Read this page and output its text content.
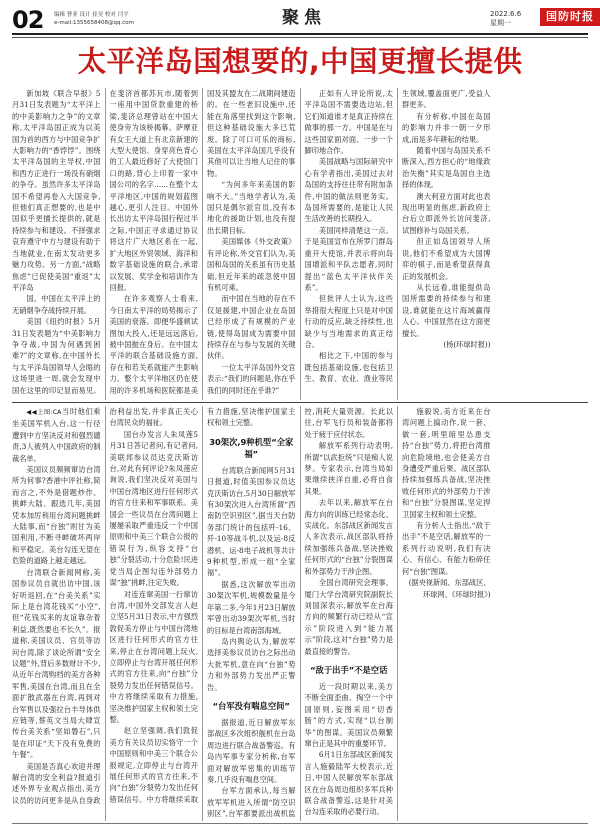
02 编辑 曹亚 设计 崔昊 校对 闫平
e-mail:1355658408@qq.com	聚焦	2022.6.6
星期一	国防时报
太平洋岛国想要的,中国更擅长提供

新加坡《联合早报》5月31日发表题为“太平洋上的中美影响力之争”的文章称,太平洋岛国正成为以美国为首的西方与中国竞争扩大影响力的“香饽饽”。围绕太平洋岛国的主导权,中国和西方正进行一场没有硝烟的争夺。虽然许多太平洋岛国不希望再卷入大国竞争,但他们真正想要的,也是中国似乎更擅长提供的,就是持续参与和建设。不择强求哀弃遵守中方与建设有助于当地就业,在南太发动更多魅力攻势。另一方面,“战略焦虑”已促使美国“重返”太平洋岛

国。中国在太平洋上的无硝烟争夺战持续开展。

美国《纽约时报》5月31日发表题为“中美影响力争夺战,中国为何遇到困难?”的文章称,在中国外长与太平洋岛国领导人会晤的这场里进一周,就会发现中国在这里的印记显而易见。在斐济首都苏瓦市,随着到一座用中国贷款重建的桥梁,斐济总理曾站在中国大使身旁为该桥揭幕。萨摩亚有女王大道上有北京新建的大型大使馆。身穿亮色背心的工人最近修好了大使馆门口的路,背心上印着一家中国公司的名字……在整个太平洋地区,中国的规划蓝图越心,更引人注目。中国外长出访太平洋岛国行程过半之际,中国正寻求通过协议将这片广大地区系在一起,扩大地区外贸领域、海洋和数字基础设施的联合,承诺以发展、奖学金和培训作为回报。

在许多观察人士看来,今日南太平洋的局势揭示了美国的衰落。即便华盛顿试图加大投入,还是远远落后,被中国抛在身后。在中国太平洋的联合基础设施方面,存在和若关系就能产生影响力。整个太平洋地区仍在使用的许多机场和医院都是美国及其盟友在二战期间建造的。在一些老旧设施中,还能在角落里找到这个影响,但这种基础设施大多已荒废。除了可口可乐的商标,美国在太平洋岛国几乎没有其他可以让当地人记住的事物。

“为何多年来美国的影响不大。”当地学者认为,美国只是偶尔派官员,没有本地化的援助计划,也没有提出长期目标。

美国媒体《外交政策》有评论称,外交官们认为,美国和岛国的关系虽有历史基础,但近年来的疏忽使中国有机可乘。

而中国在当地的存在不仅是援建,中国企业在岛国已经形成了有规模的产业链,使得岛国成为需要中国持续存在与参与发展的关键伙伴。

一位太平洋岛国外交官表示:“我们的问题是,你在乎我们的同时还在乎谁?”

正如有人评论所说,太平洋岛国不需要选边站,但它们知道谁才是真正持续在做事的那一方。中国是在与这些国家面对面、一步一个脚印地合作。

美国战略与国际研究中心有学者指出,美国过去对岛国的支持往往带有附加条件,中国的做法则更务实。岛国所需要的,是能让人民生活改善的长期投入。

美国同样清楚这一点。于是美国宣布在所罗门群岛重开大使馆,并表示将向岛国增派和平队志愿者,同时提出“蓝色太平洋伙伴关系”。

但批评人士认为,这些举措很大程度上只是对中国行动的反应,缺乏持续性,也缺少与当地需求的真正结合。

相比之下,中国的参与既包括基础设施,也包括卫生、教育、农业、渔业等民生领域,覆盖面更广,受益人群更多。

有分析称,中国在岛国的影响力并非一朝一夕形成,而是多年耕耘的结果。

随着中国与岛国关系不断深入,西方担心的“地缘政治失衡”其实是岛国自主选择的体现。

澳大利亚方面对此也表现出明显的焦虑,新政府上台后立即派外长访问斐济,试图修补与岛国关系。

但正如岛国领导人所说,他们不希望成为大国博弈的棋子,而是希望获得真正的发展机会。

从长远看,谁能提供岛国所需要的持续参与和建设,谁就能在这片海域赢得人心。中国显然在这方面更擅长。

(杨(环球时报))

◀◀上图:CA当时他们乘坐美国军机入台,这一行径遭到中方坚决反对和强烈谴责,3人被列入中国政府的制裁名单。

美国议员频频窜访台湾所为何事?香港中评社称,简而言之,不外是借题炒作、挑衅大陆、跟选几年,美国凭本加厉利用台湾问题挑衅大陆事,而“台独”则甘为美国利用,不断寻衅破坏两岸和平稳定。美台勾连无望在危险的道路上越走越远。

台湾联合新闻网称,美国参议员自就出访中国,该好听返回,在“台美关系”实际上是台湾花钱买“小空”,但“花钱买来的友谊靠杂着利益,既然要也不长久”。报道称,美国议员、官员等访问台湾,除了谈论所谓“安全议题”外,背后多数财计不少,从近年台湾购档的美方各种军售,美国在台湾,而且在全面扩散武器在台湾,再到对台军售以及强拉台丰导体供应链等,蔡英文当局大肆宣传台美关系“坚如磐石”,只是在印证“天下没有免费的午餐”。

美国是否真心欢迎并理解台湾的安全利益?报道引述外界专业观点指出,美方议员的访问更多是从自身政治利益出发,并非真正关心台湾民众的福祉。

国台办发言人朱凤莲5月31日答记者问,有记者问,美联邦参议员达克沃斯访台,对此有何评论?朱凤莲应询说,我们坚决反对美国与中国台湾地区进行任何形式的官方往来和军事联系。美国会一些议员在台湾问题上屡屡采取严重违反一个中国原则和中美三个联合公报的错误行为,纵容支持“台独”分裂活动,十分危险!民进党当局企图勾连外部势力谋“独”挑衅,注定失败。

对连连窜美国一行窜访台湾,中国外交部发言人赵立坚5月31日表示,中方强烈敦促美方停止与中国台湾地区进行任何形式的官方往来,停止在台湾问题上玩火,立即停止与台湾开展任何形式的官方往来,向“台独”分裂势力发出任何错误信号。中方将继续采取有力措施,坚决维护国家主权和领土完整。

赵立坚强调,我们敦促美方有关议员切实恪守一个中国原则和中美三个联合公报规定,立即停止与台湾开展任何形式的官方往来,不向“台独”分裂势力发出任何错误信号。中方将继续采取有力措施,坚决维护国家主权和领土完整。

30架次,9种机型“全家福”

台湾联合新闻网5月31日报道,时值美国参议员达克沃斯访台,5月30日解放军有30架次进入台湾所谓“西南防空识别区”,据当天台防务部门统计的包括歼-16、歼-10等战斗机,以及运-8反潜机、运-8电子战机等共计9种机型,形成一组“全家福”。

据悉,这次解放军出动30架次军机,规模数量是今年第二多,今年1月23日解放军曾出动39架次军机,当时的目标是台湾南部海域。

岛内舆论认为,解放军选择美参议员访台之际出动大批军机,意在向“台独”势力和外部势力发出严正警告。

“台军没有喘息空间”

据报道,近日解放军东部战区多次组织舰机在台岛周边进行联合战备警巡。有岛内军事专家分析称,台军面对解放军密集的训练节奏,几乎没有喘息空间。

台军方面承认,每当解放军军机进入所谓“防空识别区”,台军都要派出战机监控,消耗大量资源。长此以往,台军飞行员和装备都将处于疲于应付状态。

解放军系列行动表明,所谓“以武拒统”只是痴人说梦。专家表示,台湾当局如果继续挟洋自重,必将自食其果。

去年以来,解放军在台海方向的训练已经常态化、实战化。东部战区新闻发言人多次表示,战区部队将持续加强练兵备战,坚决挫败任何形式的“台独”分裂图谋和外部势力干涉企图。

全国台湾研究会理事、厦门大学台湾研究院副院长刘国深表示,解放军在台海方向的频繁行动已经从“宣示”阶段进入到“能力展示”阶段,这对“台独”势力是最直接的警告。

“敌于出手”不是空话

近一段时期以来,美方不断全面歪曲、掏空一个中国原则,妄图采用“切香肠”的方式,实现“以台制华”的图谋。美国议员频繁窜台正是其中的重要环节。

6月1日东部战区新闻发言人施毅陆军大校表示,近日,中国人民解放军东部战区在台岛周边组织多军兵种联合战备警巡,这是针对美台勾连采取的必要行动。

施毅说,美方近来在台湾问题上搞动作,说一套、做一套,明里暗里怂恿支持“台独”势力,将把台湾推向危险境地,也会使美方自身遭受严重后果。战区部队持续加强练兵备战,坚决挫败任何形式的外部势力干涉和“台独”分裂图谋,坚定捍卫国家主权和领土完整。

有分析人士指出,“敌于出手”不是空话,解放军的一系列行动说明,我们有决心、有信心、有能力粉碎任何“台独”图谋。

(据央视新闻、东部战区、环球网、《环球时报》)
